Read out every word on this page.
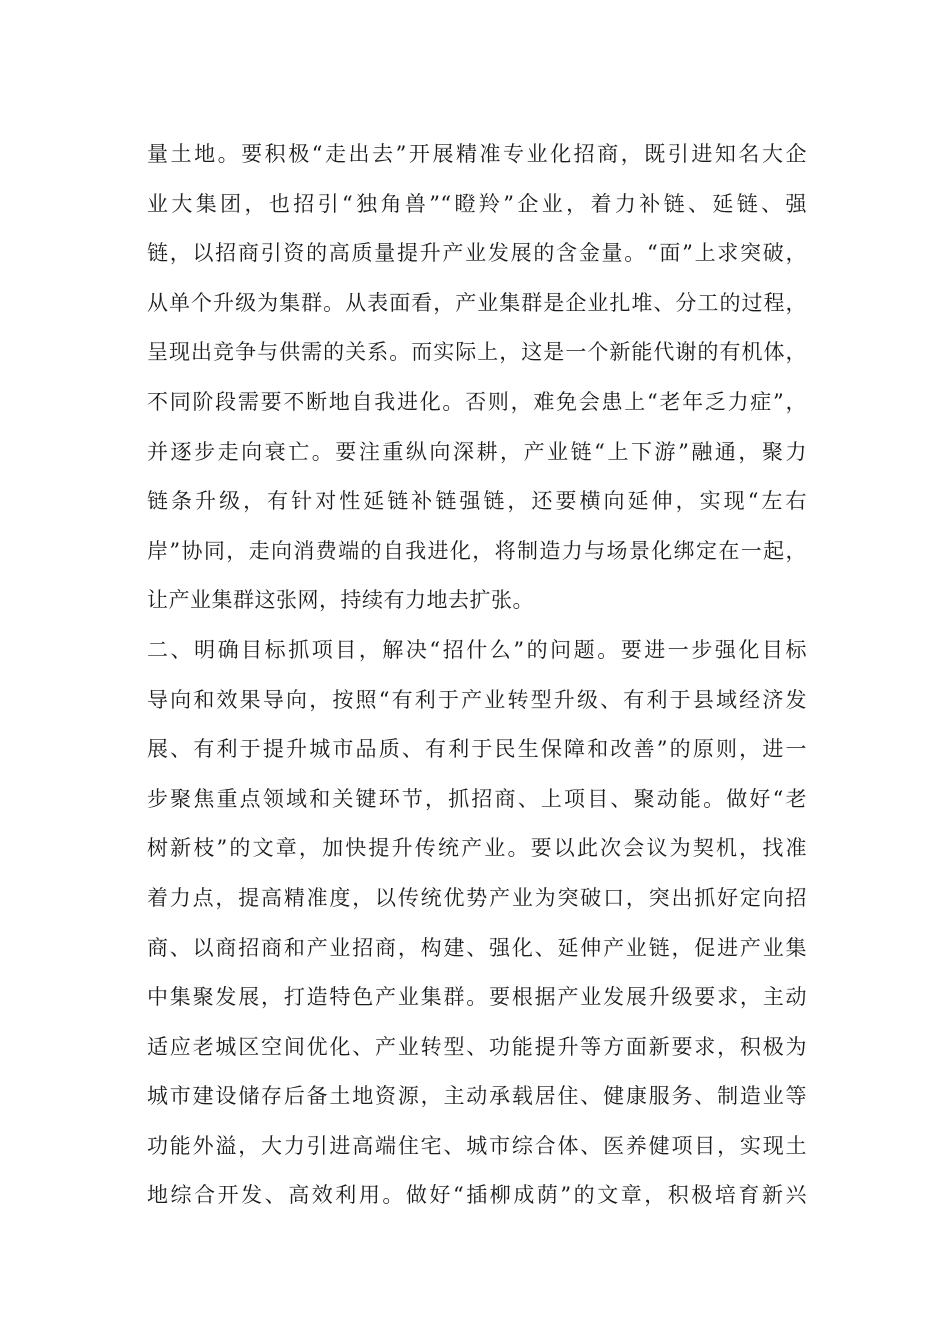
量土地。要积极“走出去”开展精准专业化招商，既引进知名大企
业大集团，也招引“独角兽”“瞪羚”企业，着力补链、延链、强
链，以招商引资的高质量提升产业发展的含金量。“面”上求突破，
从单个升级为集群。从表面看，产业集群是企业扎堆、分工的过程，
呈现出竞争与供需的关系。而实际上，这是一个新能代谢的有机体，
不同阶段需要不断地自我进化。否则，难免会患上“老年乏力症”，
并逐步走向衰亡。要注重纵向深耕，产业链“上下游”融通，聚力
链条升级，有针对性延链补链强链，还要横向延伸，实现“左右
岸”协同，走向消费端的自我进化，将制造力与场景化绑定在一起，
让产业集群这张网，持续有力地去扩张。
二、明确目标抓项目，解决“招什么”的问题。要进一步强化目标
导向和效果导向，按照“有利于产业转型升级、有利于县域经济发
展、有利于提升城市品质、有利于民生保障和改善”的原则，进一
步聚焦重点领域和关键环节，抓招商、上项目、聚动能。做好“老
树新枝”的文章，加快提升传统产业。要以此次会议为契机，找准
着力点，提高精准度，以传统优势产业为突破口，突出抓好定向招
商、以商招商和产业招商，构建、强化、延伸产业链，促进产业集
中集聚发展，打造特色产业集群。要根据产业发展升级要求，主动
适应老城区空间优化、产业转型、功能提升等方面新要求，积极为
城市建设储存后备土地资源，主动承载居住、健康服务、制造业等
功能外溢，大力引进高端住宅、城市综合体、医养健项目，实现土
地综合开发、高效利用。做好“插柳成荫”的文章，积极培育新兴
